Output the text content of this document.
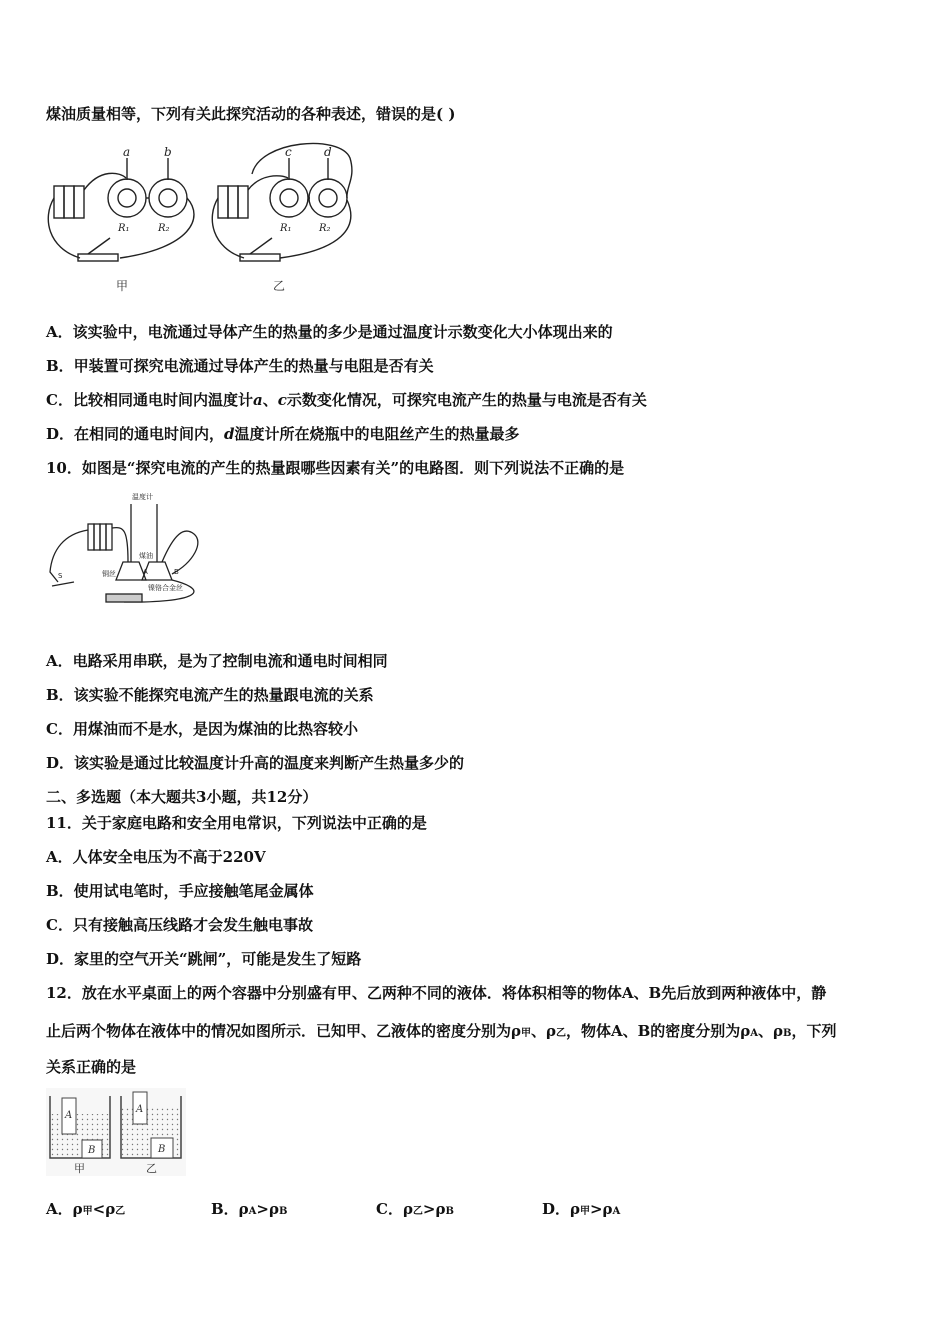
煤油质量相等，下列有关此探究活动的各种表述，错误的是( )
a	b	c	d
R₁	R₂	R₁	R₂
甲	乙
A．该实验中，电流通过导体产生的热量的多少是通过温度计示数变化大小体现出来的
B．甲装置可探究电流通过导体产生的热量与电阻是否有关
C．比较相同通电时间内温度计a、c示数变化情况，可探究电流产生的热量与电流是否有关
D．在相同的通电时间内，d温度计所在烧瓶中的电阻丝产生的热量最多
10．如图是“探究电流的产生的热量跟哪些因素有关”的电路图．则下列说法不正确的是
温度计
煤油
铜丝
镍铬合金丝
A	B
S
A．电路采用串联，是为了控制电流和通电时间相同
B．该实验不能探究电流产生的热量跟电流的关系
C．用煤油而不是水，是因为煤油的比热容较小
D．该实验是通过比较温度计升高的温度来判断产生热量多少的
二、多选题（本大题共3小题，共12分）
11．关于家庭电路和安全用电常识，下列说法中正确的是
A．人体安全电压为不高于220V
B．使用试电笔时，手应接触笔尾金属体
C．只有接触高压线路才会发生触电事故
D．家里的空气开关“跳闸”，可能是发生了短路
12．放在水平桌面上的两个容器中分别盛有甲、乙两种不同的液体．将体积相等的物体A、B先后放到两种液体中，静
止后两个物体在液体中的情况如图所示．已知甲、乙液体的密度分别为ρ甲、ρ乙，物体A、B的密度分别为ρA、ρB，下列
关系正确的是
A
B
A
B
甲	乙
A．ρ甲<ρ乙	B．ρA>ρB	C．ρ乙>ρB	D．ρ甲>ρA
